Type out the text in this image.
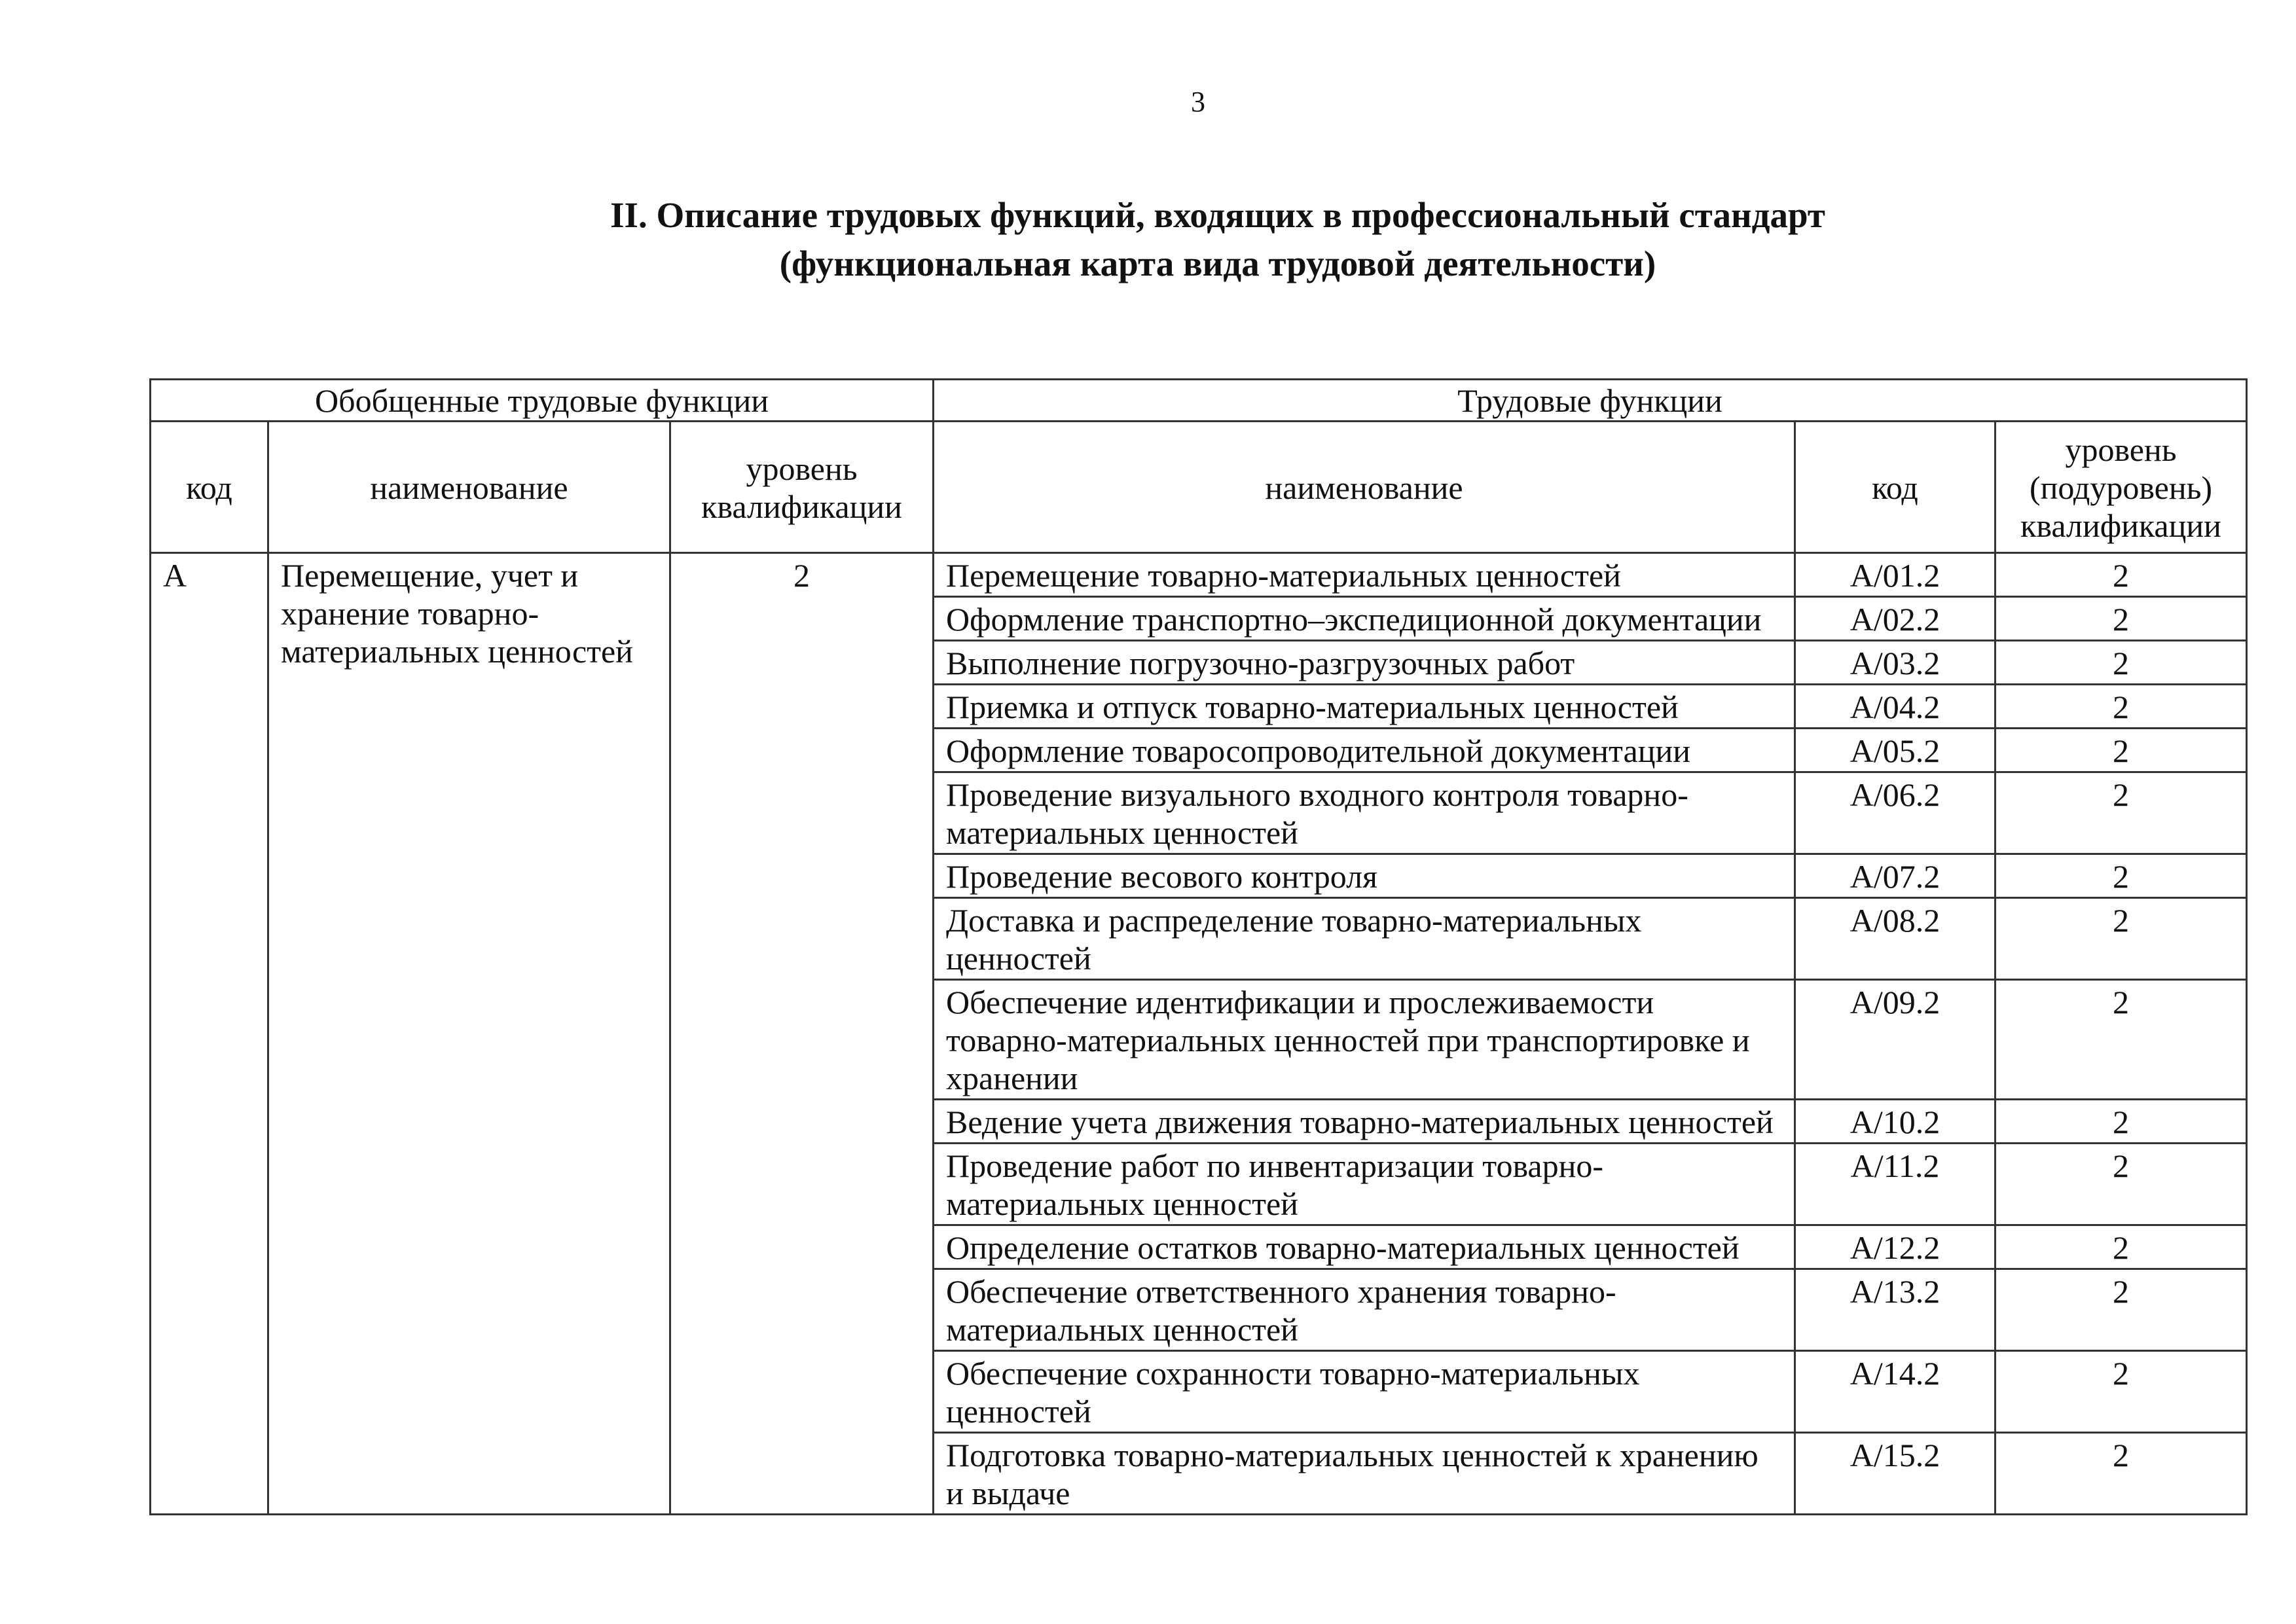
3
II. Описание трудовых функций, входящих в профессиональный стандарт
(функциональная карта вида трудовой деятельности)
Обобщенные трудовые функции			Трудовые функции		
код	наименование	уровень квалификации	наименование	код	уровень (подуровень) квалификации
А	Перемещение, учет и хранение товарно-материальных ценностей	2	Перемещение товарно-материальных ценностей	А/01.2	2
			Оформление транспортно–экспедиционной документации	А/02.2	2
			Выполнение погрузочно-разгрузочных работ	А/03.2	2
			Приемка и отпуск товарно-материальных ценностей	А/04.2	2
			Оформление товаросопроводительной документации	А/05.2	2
			Проведение визуального входного контроля товарно-материальных ценностей	А/06.2	2
			Проведение весового контроля	А/07.2	2
			Доставка и распределение товарно-материальных ценностей	А/08.2	2
			Обеспечение идентификации и прослеживаемости товарно-материальных ценностей при транспортировке и хранении	А/09.2	2
			Ведение учета движения товарно-материальных ценностей	А/10.2	2
			Проведение работ по инвентаризации товарно-материальных ценностей	А/11.2	2
			Определение остатков товарно-материальных ценностей	А/12.2	2
			Обеспечение ответственного хранения товарно-материальных ценностей	А/13.2	2
			Обеспечение сохранности товарно-материальных ценностей	А/14.2	2
			Подготовка товарно-материальных ценностей к хранению и выдаче	А/15.2	2
